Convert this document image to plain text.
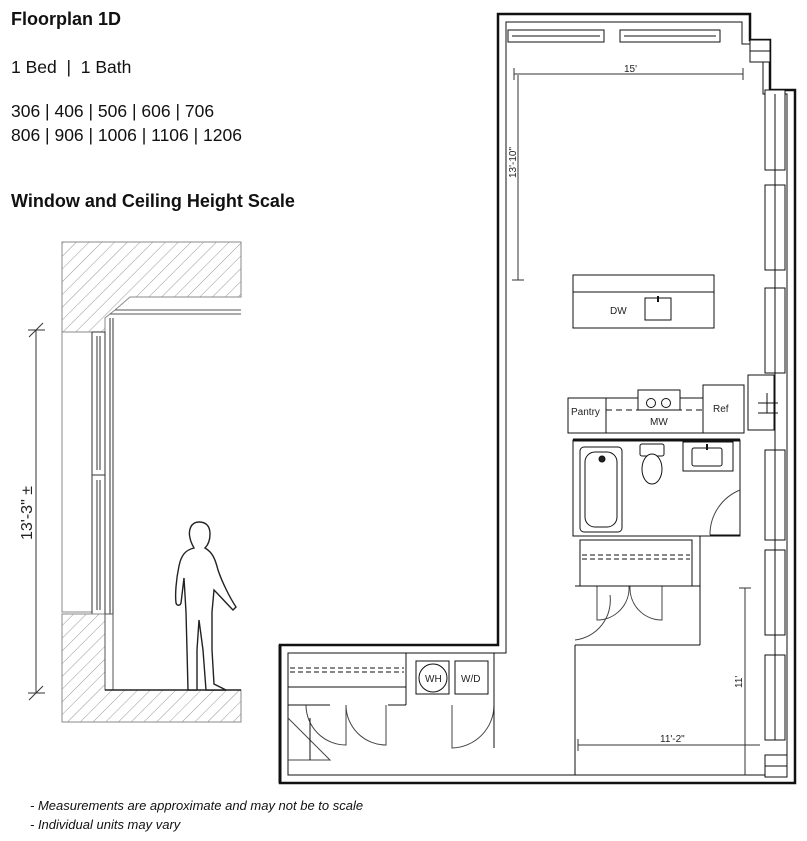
Floorplan 1D
1 Bed  |  1 Bath
306 | 406 | 506 | 606 | 706
806 | 906 | 1006 | 1106 | 1206
Window and Ceiling Height Scale
13'-3" ±
15'
13'-10"
11'
11'-2"
DW
Pantry
MW
Ref
WH W/D
- Measurements are approximate and may not be to scale
- Individual units may vary
